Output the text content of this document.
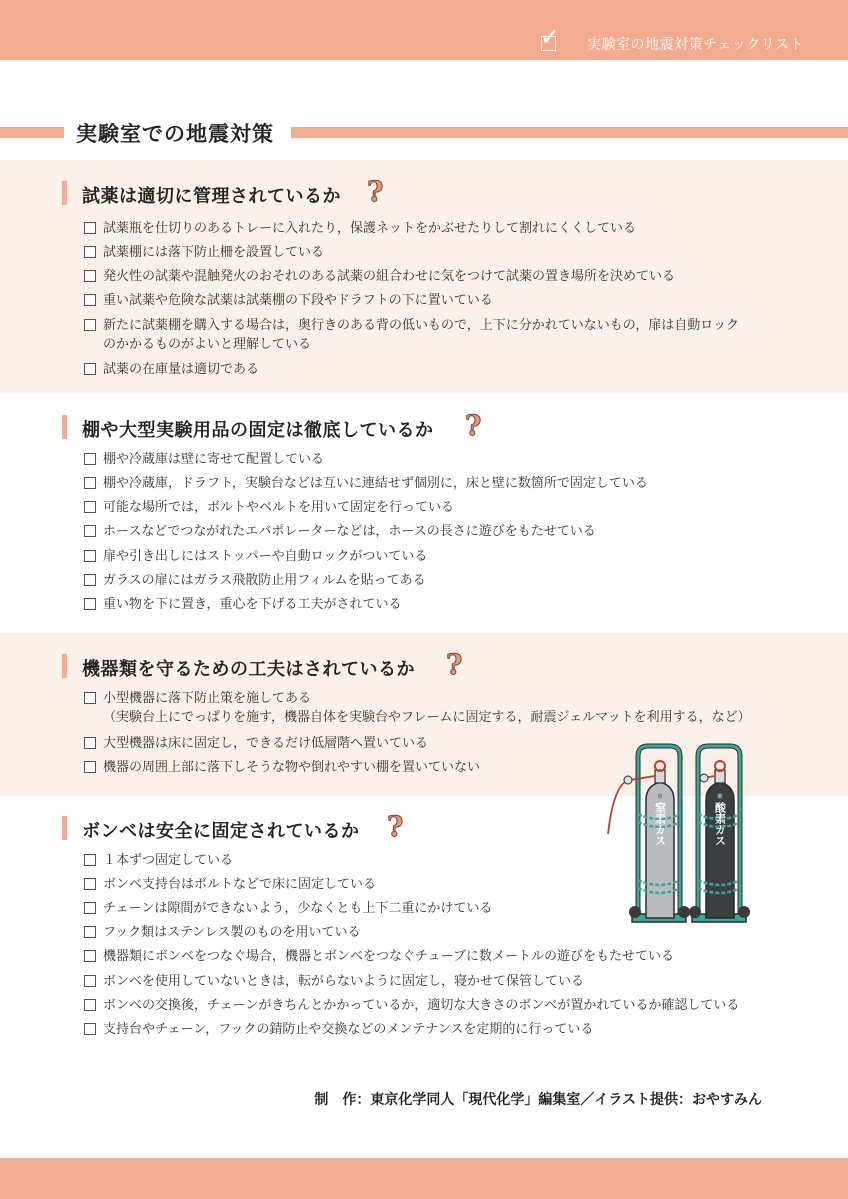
✓ 実験室の地震対策チェックリスト
実験室での地震対策
試薬は適切に管理されているか ?
試薬瓶を仕切りのあるトレーに入れたり，保護ネットをかぶせたりして割れにくくしている
試薬棚には落下防止柵を設置している
発火性の試薬や混触発火のおそれのある試薬の組合わせに気をつけて試薬の置き場所を決めている
重い試薬や危険な試薬は試薬棚の下段やドラフトの下に置いている
新たに試薬棚を購入する場合は，奥行きのある背の低いもので，上下に分かれていないもの，扉は自動ロック
のかかるものがよいと理解している
試薬の在庫量は適切である
棚や大型実験用品の固定は徹底しているか ?
棚や冷蔵庫は壁に寄せて配置している
棚や冷蔵庫，ドラフト，実験台などは互いに連結せず個別に，床と壁に数箇所で固定している
可能な場所では，ボルトやベルトを用いて固定を行っている
ホースなどでつながれたエバポレーターなどは，ホースの長さに遊びをもたせている
扉や引き出しにはストッパーや自動ロックがついている
ガラスの扉にはガラス飛散防止用フィルムを貼ってある
重い物を下に置き，重心を下げる工夫がされている
機器類を守るための工夫はされているか ?
小型機器に落下防止策を施してある
（実験台上にでっぱりを施す，機器自体を実験台やフレームに固定する，耐震ジェルマットを利用する，など）
大型機器は床に固定し，できるだけ低層階へ置いている
機器の周囲上部に落下しそうな物や倒れやすい棚を置いていない
ボンベは安全に固定されているか ?
１本ずつ固定している
ボンベ支持台はボルトなどで床に固定している
チェーンは隙間ができないよう，少なくとも上下二重にかけている
フック類はステンレス製のものを用いている
機器類にボンベをつなぐ場合，機器とボンベをつなぐチューブに数メートルの遊びをもたせている
ボンベを使用していないときは，転がらないように固定し，寝かせて保管している
ボンベの交換後，チェーンがきちんとかかっているか，適切な大きさのボンベが置かれているか確認している
支持台やチェーン，フックの錆防止や交換などのメンテナンスを定期的に行っている
窒
窒素ガス
酸
酸素ガス
制　作：東京化学同人「現代化学」編集室／イラスト提供：おやすみん
